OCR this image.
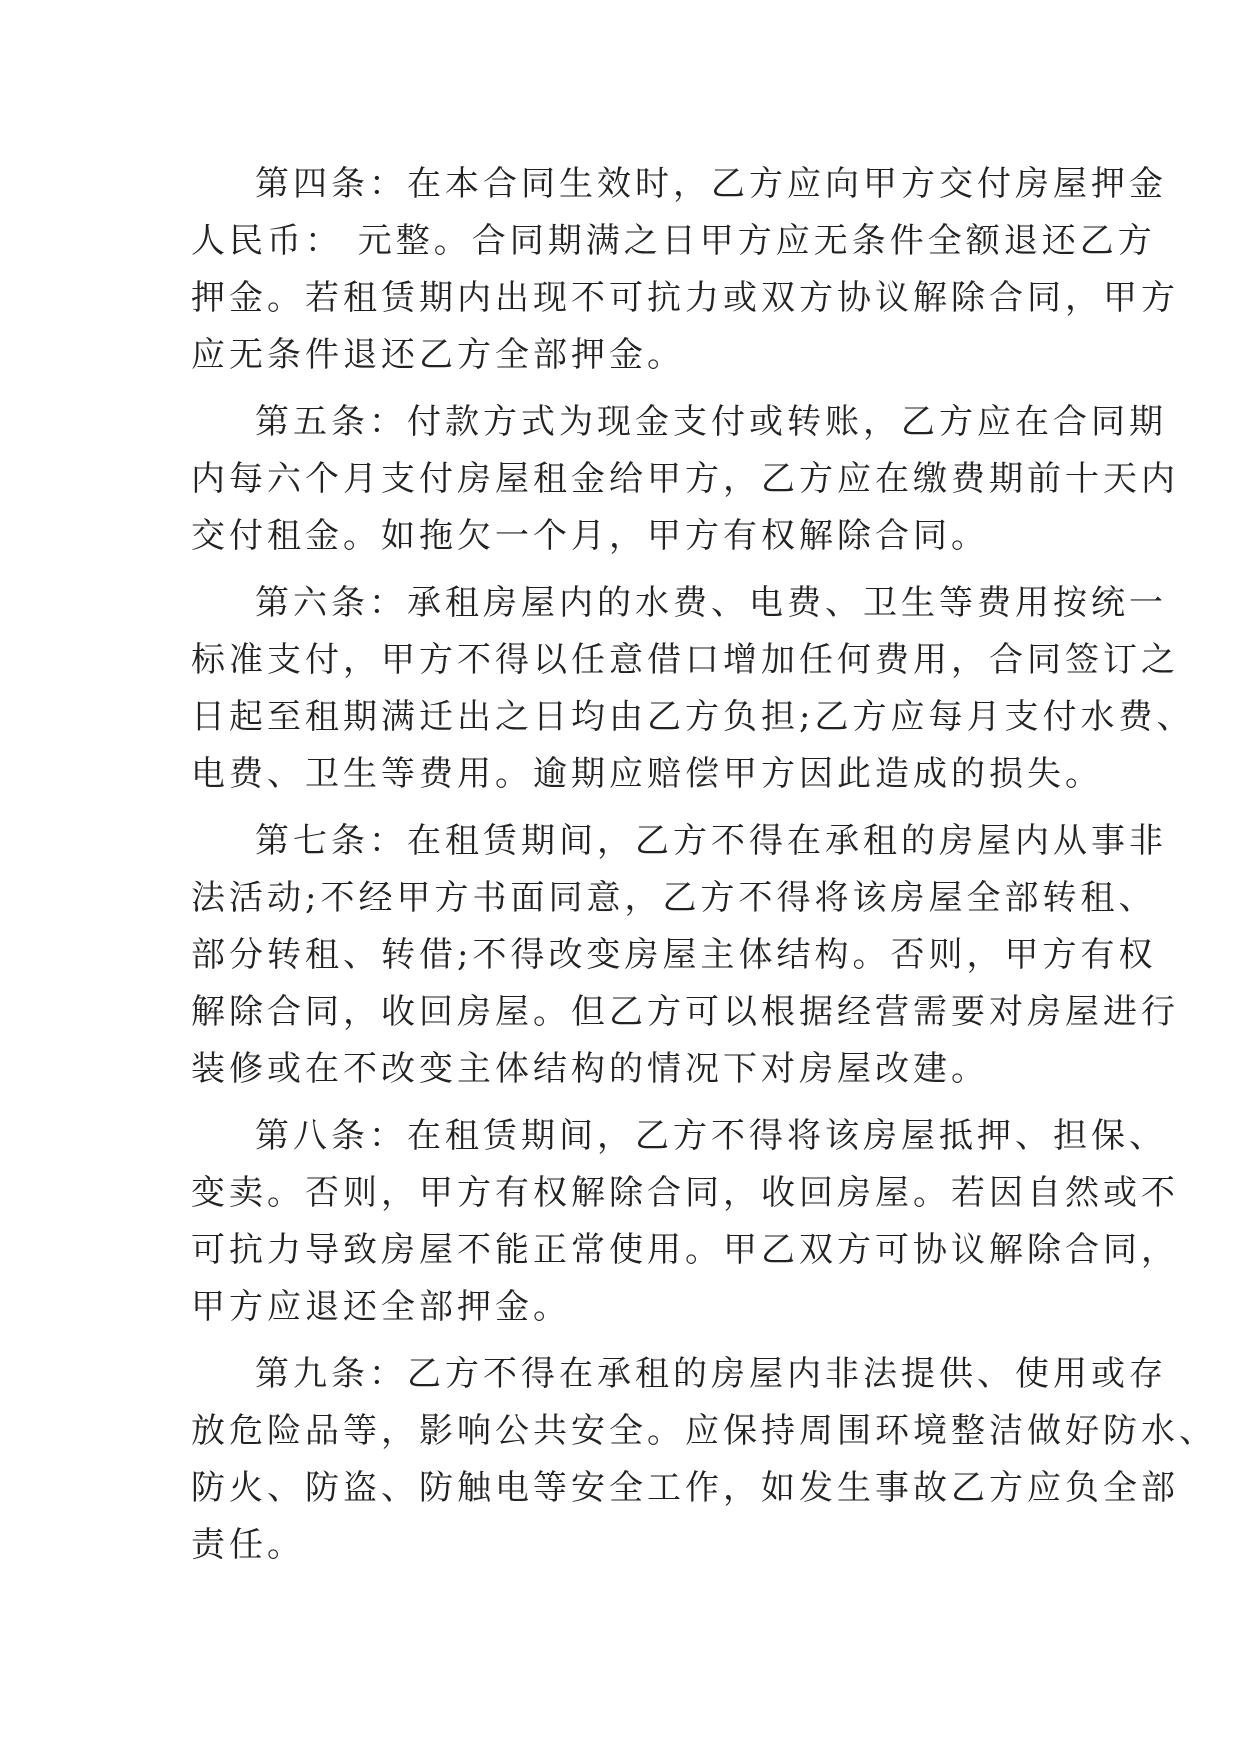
第四条：在本合同生效时，乙方应向甲方交付房屋押金
人民币： 元整。合同期满之日甲方应无条件全额退还乙方
押金。若租赁期内出现不可抗力或双方协议解除合同，甲方
应无条件退还乙方全部押金。
第五条：付款方式为现金支付或转账，乙方应在合同期
内每六个月支付房屋租金给甲方，乙方应在缴费期前十天内
交付租金。如拖欠一个月，甲方有权解除合同。
第六条：承租房屋内的水费、电费、卫生等费用按统一
标准支付，甲方不得以任意借口增加任何费用，合同签订之
日起至租期满迁出之日均由乙方负担;乙方应每月支付水费、
电费、卫生等费用。逾期应赔偿甲方因此造成的损失。
第七条：在租赁期间，乙方不得在承租的房屋内从事非
法活动;不经甲方书面同意，乙方不得将该房屋全部转租、
部分转租、转借;不得改变房屋主体结构。否则，甲方有权
解除合同，收回房屋。但乙方可以根据经营需要对房屋进行
装修或在不改变主体结构的情况下对房屋改建。
第八条：在租赁期间，乙方不得将该房屋抵押、担保、
变卖。否则，甲方有权解除合同，收回房屋。若因自然或不
可抗力导致房屋不能正常使用。甲乙双方可协议解除合同，
甲方应退还全部押金。
第九条：乙方不得在承租的房屋内非法提供、使用或存
放危险品等，影响公共安全。应保持周围环境整洁做好防水、
防火、防盗、防触电等安全工作，如发生事故乙方应负全部
责任。
